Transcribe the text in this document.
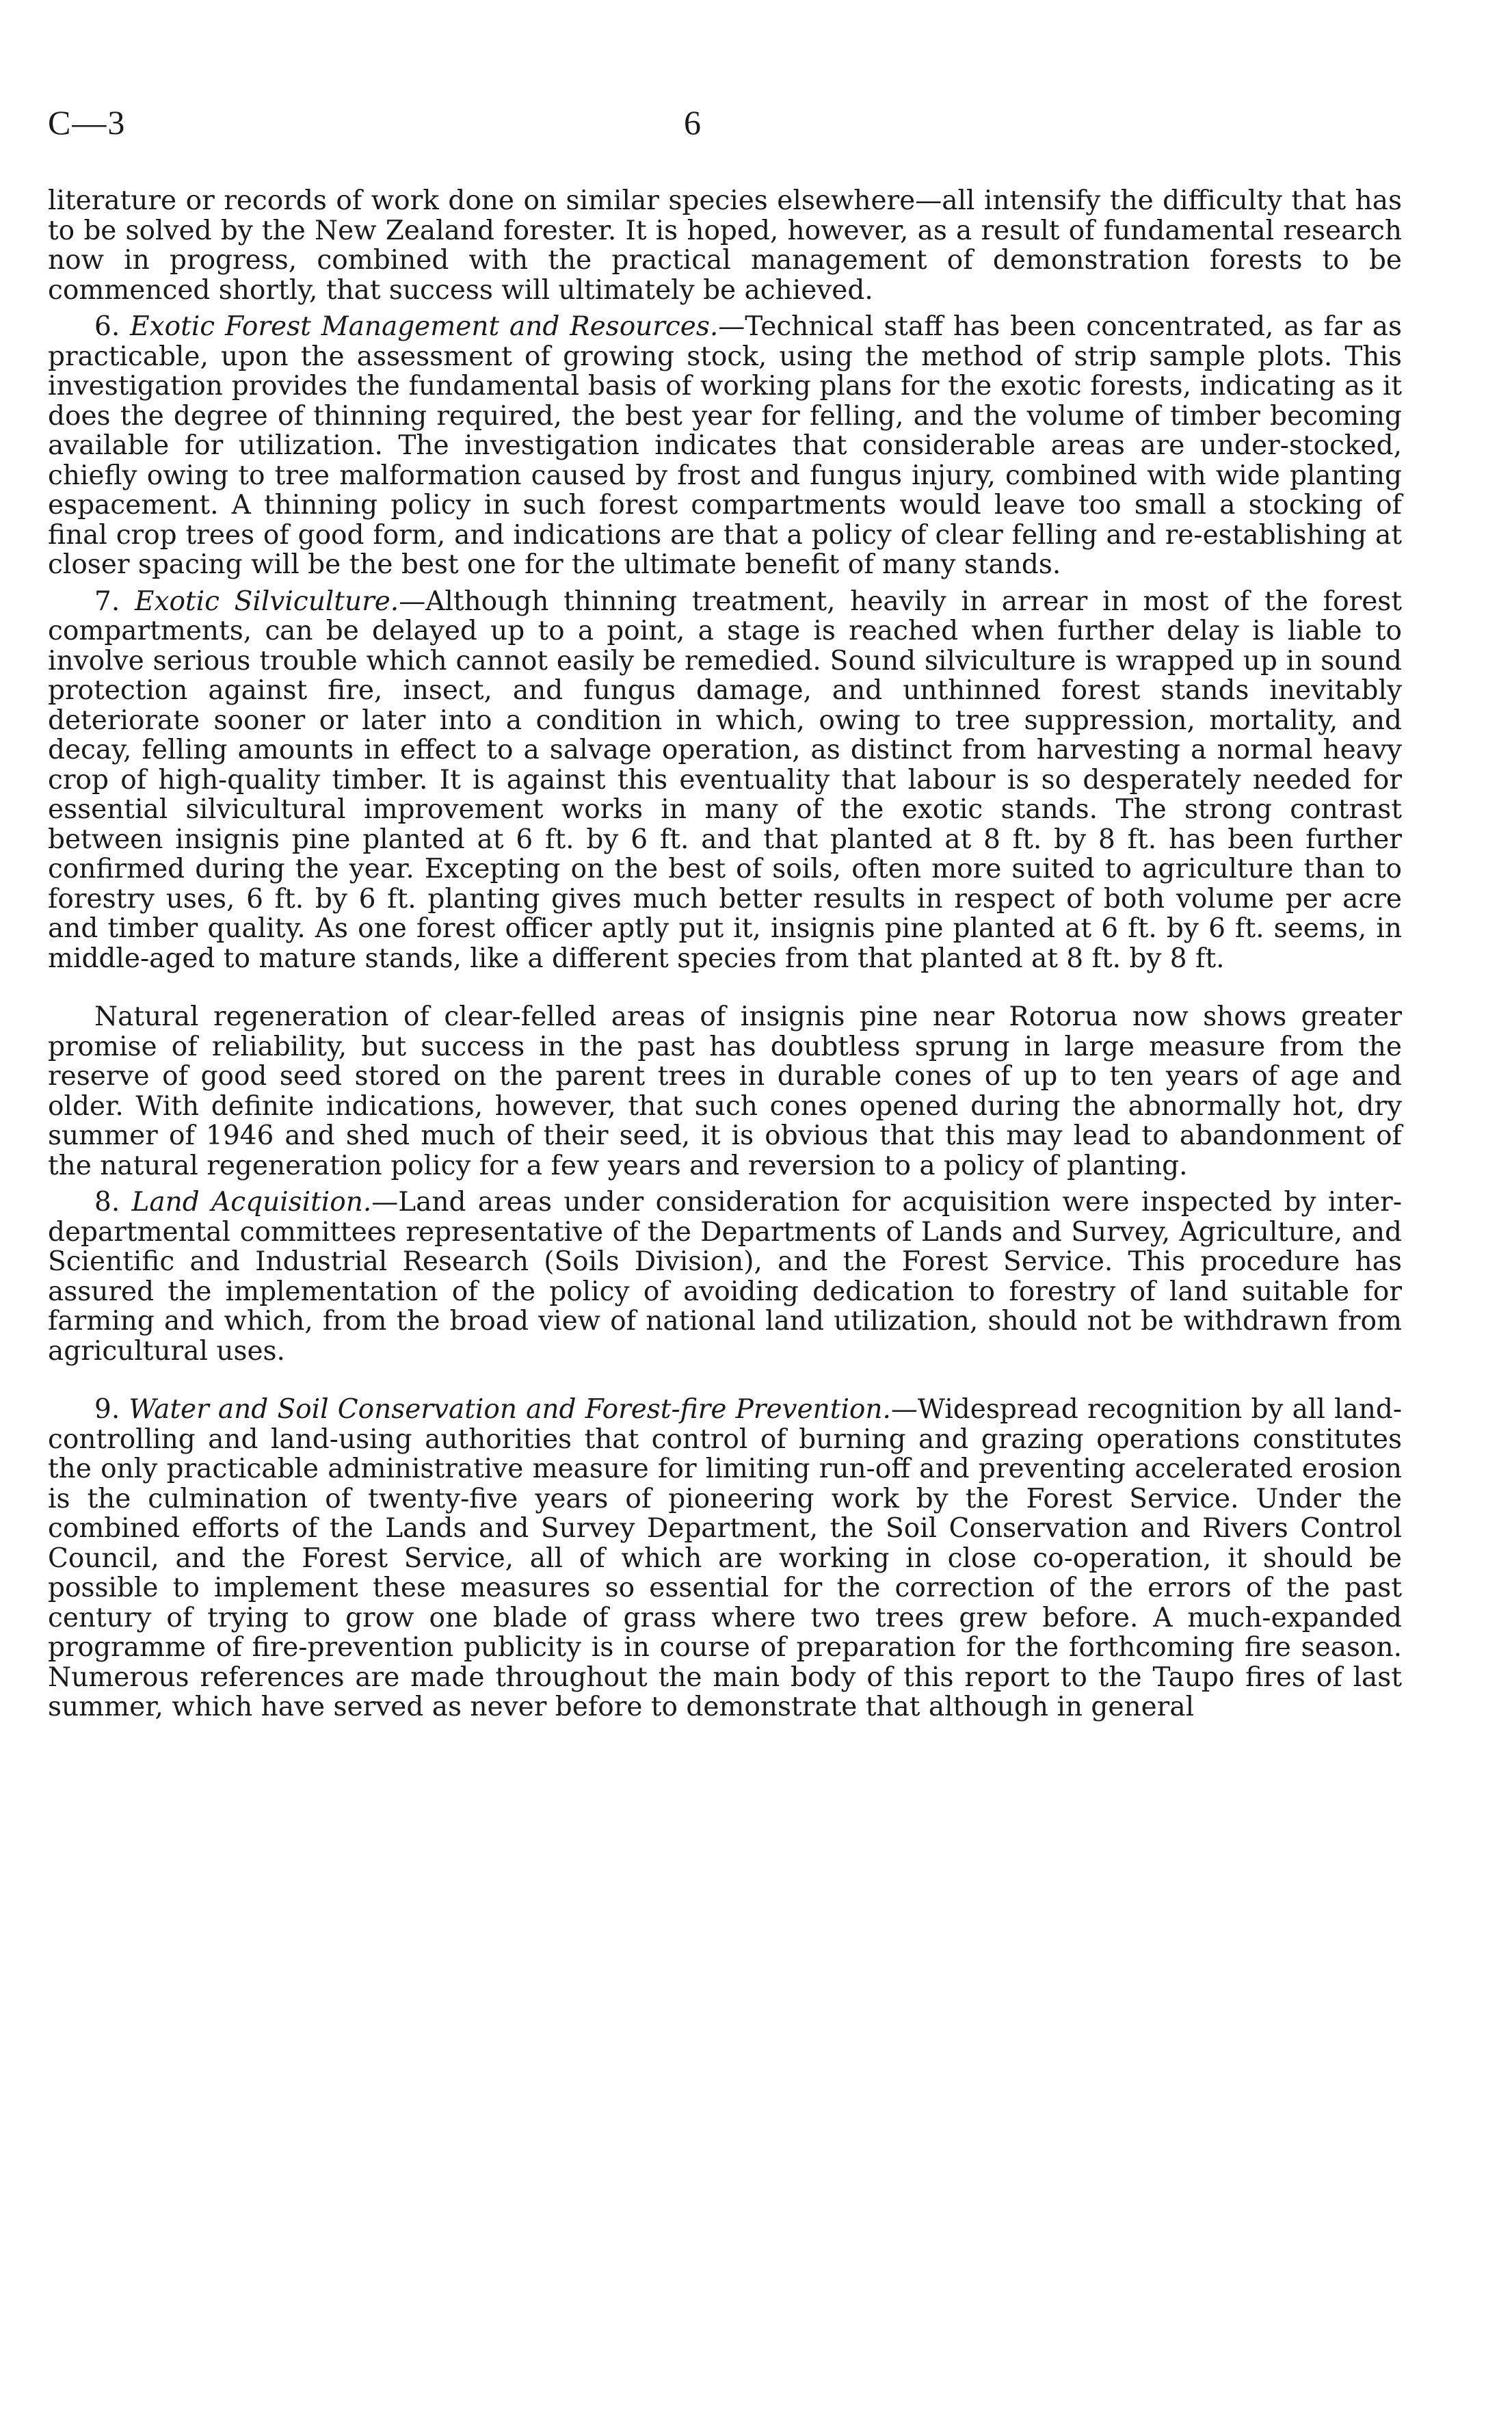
C—3	6

literature or records of work done on similar species elsewhere—all intensify the difficulty that has to be solved by the New Zealand forester. It is hoped, however, as a result of fundamental research now in progress, combined with the practical management of demonstration forests to be commenced shortly, that success will ultimately be achieved.

6. Exotic Forest Management and Resources.—Technical staff has been concentrated, as far as practicable, upon the assessment of growing stock, using the method of strip sample plots. This investigation provides the fundamental basis of working plans for the exotic forests, indicating as it does the degree of thinning required, the best year for felling, and the volume of timber becoming available for utilization. The investigation indicates that considerable areas are under-stocked, chiefly owing to tree malformation caused by frost and fungus injury, combined with wide planting espacement. A thinning policy in such forest compartments would leave too small a stocking of final crop trees of good form, and indications are that a policy of clear felling and re-establishing at closer spacing will be the best one for the ultimate benefit of many stands.

7. Exotic Silviculture.—Although thinning treatment, heavily in arrear in most of the forest compartments, can be delayed up to a point, a stage is reached when further delay is liable to involve serious trouble which cannot easily be remedied. Sound silviculture is wrapped up in sound protection against fire, insect, and fungus damage, and unthinned forest stands inevitably deteriorate sooner or later into a condition in which, owing to tree suppression, mortality, and decay, felling amounts in effect to a salvage operation, as distinct from harvesting a normal heavy crop of high-quality timber. It is against this eventuality that labour is so desperately needed for essential silvicultural improvement works in many of the exotic stands. The strong contrast between insignis pine planted at 6 ft. by 6 ft. and that planted at 8 ft. by 8 ft. has been further confirmed during the year. Excepting on the best of soils, often more suited to agriculture than to forestry uses, 6 ft. by 6 ft. planting gives much better results in respect of both volume per acre and timber quality. As one forest officer aptly put it, insignis pine planted at 6 ft. by 6 ft. seems, in middle-aged to mature stands, like a different species from that planted at 8 ft. by 8 ft.

Natural regeneration of clear-felled areas of insignis pine near Rotorua now shows greater promise of reliability, but success in the past has doubtless sprung in large measure from the reserve of good seed stored on the parent trees in durable cones of up to ten years of age and older. With definite indications, however, that such cones opened during the abnormally hot, dry summer of 1946 and shed much of their seed, it is obvious that this may lead to abandonment of the natural regeneration policy for a few years and reversion to a policy of planting.

8. Land Acquisition.—Land areas under consideration for acquisition were inspected by inter-departmental committees representative of the Departments of Lands and Survey, Agriculture, and Scientific and Industrial Research (Soils Division), and the Forest Service. This procedure has assured the implementation of the policy of avoiding dedication to forestry of land suitable for farming and which, from the broad view of national land utilization, should not be withdrawn from agricultural uses.

9. Water and Soil Conservation and Forest-fire Prevention.—Widespread recognition by all land-controlling and land-using authorities that control of burning and grazing operations constitutes the only practicable administrative measure for limiting run-off and preventing accelerated erosion is the culmination of twenty-five years of pioneering work by the Forest Service. Under the combined efforts of the Lands and Survey Department, the Soil Conservation and Rivers Control Council, and the Forest Service, all of which are working in close co-operation, it should be possible to implement these measures so essential for the correction of the errors of the past century of trying to grow one blade of grass where two trees grew before. A much-expanded programme of fire-prevention publicity is in course of preparation for the forthcoming fire season. Numerous references are made throughout the main body of this report to the Taupo fires of last summer, which have served as never before to demonstrate that although in general
